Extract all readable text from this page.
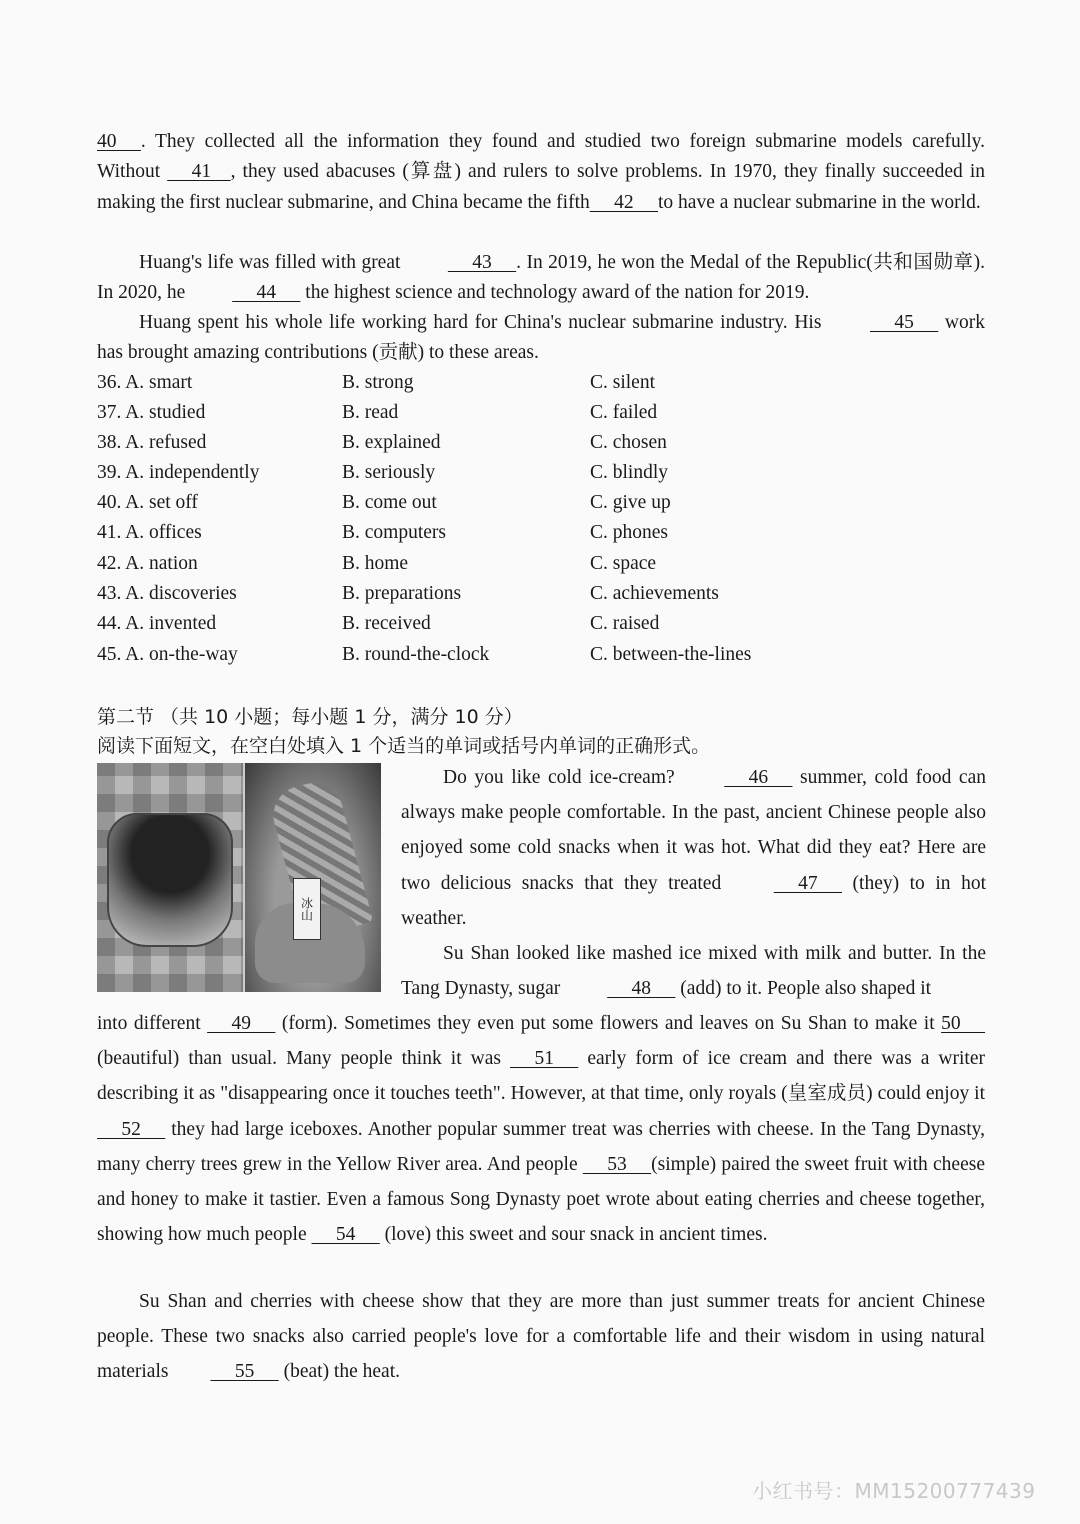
40     . They collected all the information they found and studied two foreign submarine models carefully. Without      41    , they used abacuses (算盘) and rulers to solve problems. In 1970, they finally succeeded in making the first nuclear submarine, and China became the fifth     42     to have a nuclear submarine in the world.
Huang's life was filled with great      43     . In 2019, he won the Medal of the Republic(共和国勋章). In 2020, he      44      the highest science and technology award of the nation for 2019.
Huang spent his whole life working hard for China's nuclear submarine industry. His      45      work has brought amazing contributions (贡献) to these areas.
36. A. smart	B. strong	C. silent
37. A. studied	B. read	C. failed
38. A. refused	B. explained	C. chosen
39. A. independently	B. seriously	C. blindly
40. A. set off	B. come out	C. give up
41. A. offices	B. computers	C. phones
42. A. nation	B. home	C. space
43. A. discoveries	B. preparations	C. achievements
44. A. invented	B. received	C. raised
45. A. on-the-way	B. round-the-clock	C. between-the-lines
第二节 （共 10 小题；每小题 1 分，满分 10 分）
阅读下面短文，在空白处填入 1 个适当的单词或括号内单词的正确形式。
冰山
Do you like cold ice-cream?      46      summer, cold food can always make people comfortable. In the past, ancient Chinese people also enjoyed some cold snacks when it was hot. What did they eat? Here are two delicious snacks that they treated      47      (they) to in hot weather.
Su Shan looked like mashed ice mixed with milk and butter. In the Tang Dynasty, sugar      48      (add) to it. People also shaped it
into different      49      (form). Sometimes they even put some flowers and leaves on Su Shan to make it 50      (beautiful) than usual. Many people think it was      51      early form of ice cream and there was a writer describing it as "disappearing once it touches teeth". However, at that time, only royals (皇室成员) could enjoy it      52      they had large iceboxes. Another popular summer treat was cherries with cheese. In the Tang Dynasty, many cherry trees grew in the Yellow River area. And people      53     (simple) paired the sweet fruit with cheese and honey to make it tastier. Even a famous Song Dynasty poet wrote about eating cherries and cheese together, showing how much people      54      (love) this sweet and sour snack in ancient times.
Su Shan and cherries with cheese show that they are more than just summer treats for ancient Chinese people. These two snacks also carried people's love for a comfortable life and their wisdom in using natural materials     55      (beat) the heat.
小红书号：MM15200777439
